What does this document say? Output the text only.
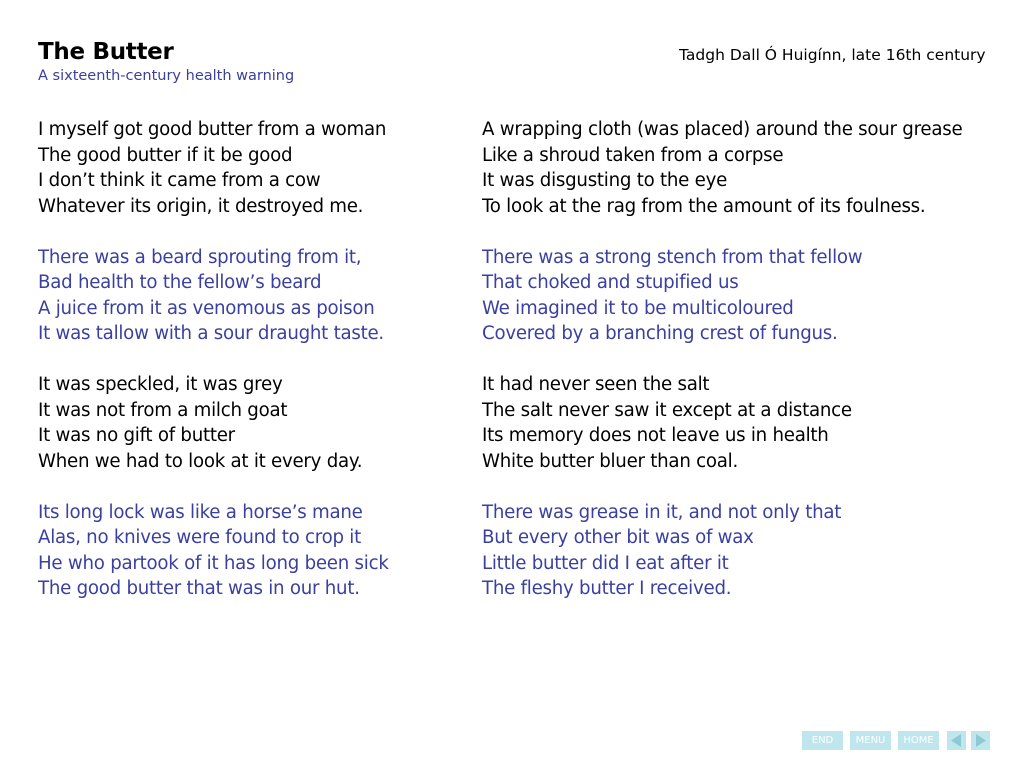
The Butter
A sixteenth-century health warning
Tadgh Dall Ó Huigínn, late 16th century
I myself got good butter from a woman
The good butter if it be good
I don’t think it came from a cow
Whatever its origin, it destroyed me.
There was a beard sprouting from it,
Bad health to the fellow’s beard
A juice from it as venomous as poison
It was tallow with a sour draught taste.
It was speckled, it was grey
It was not from a milch goat
It was no gift of butter
When we had to look at it every day.
Its long lock was like a horse’s mane
Alas, no knives were found to crop it
He who partook of it has long been sick
The good butter that was in our hut.
A wrapping cloth (was placed) around the sour grease
Like a shroud taken from a corpse
It was disgusting to the eye
To look at the rag from the amount of its foulness.
There was a strong stench from that fellow
That choked and stupified us
We imagined it to be multicoloured
Covered by a branching crest of fungus.
It had never seen the salt
The salt never saw it except at a distance
Its memory does not leave us in health
White butter bluer than coal.
There was grease in it, and not only that
But every other bit was of wax
Little butter did I eat after it
The fleshy butter I received.
END	MENU	HOME
